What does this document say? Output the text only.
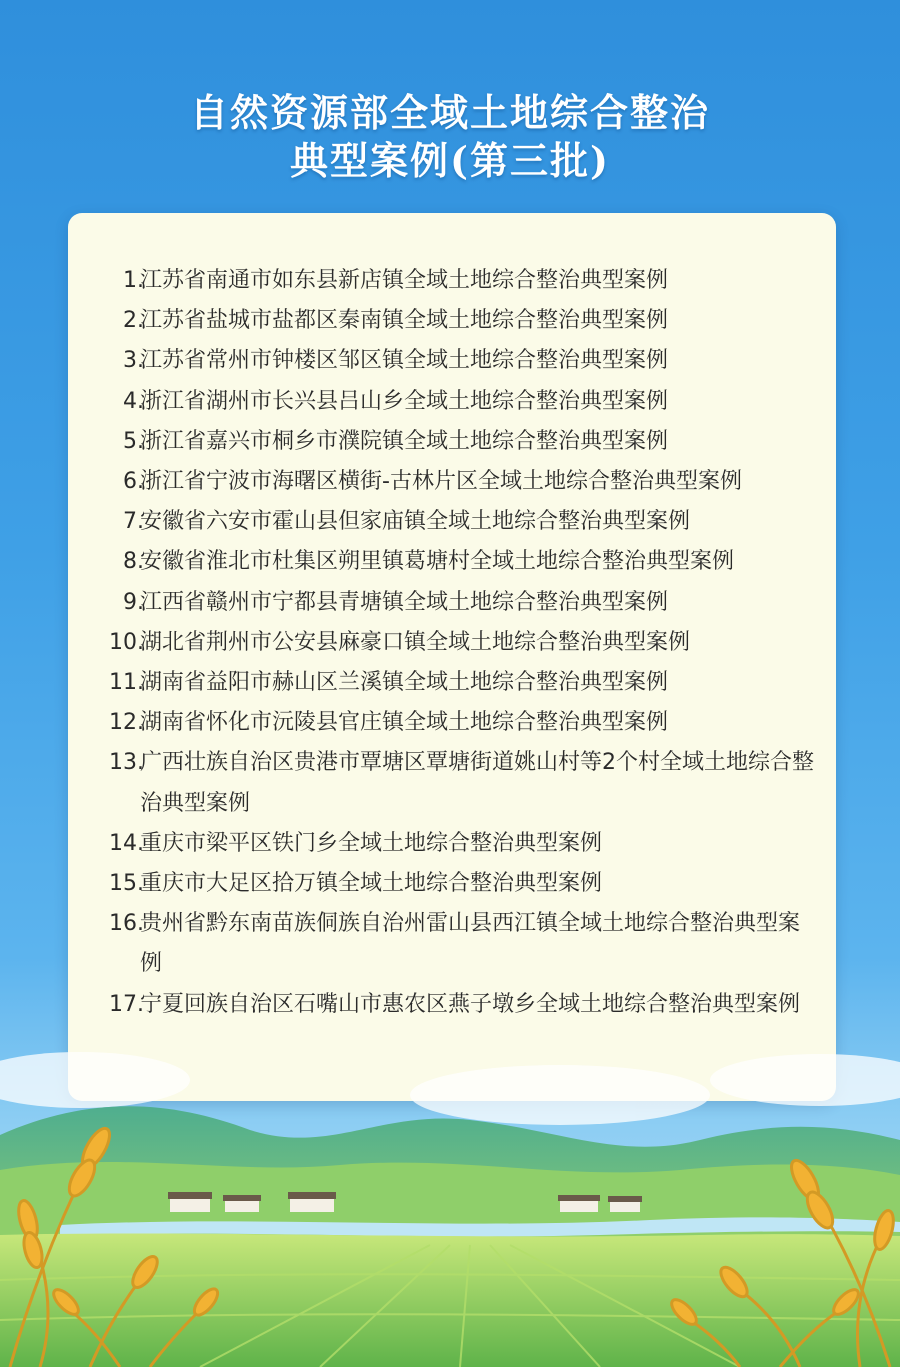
自然资源部全域土地综合整治
典型案例(第三批)
1.
江苏省南通市如东县新店镇全域土地综合整治典型案例
2.
江苏省盐城市盐都区秦南镇全域土地综合整治典型案例
3.
江苏省常州市钟楼区邹区镇全域土地综合整治典型案例
4.
浙江省湖州市长兴县吕山乡全域土地综合整治典型案例
5.
浙江省嘉兴市桐乡市濮院镇全域土地综合整治典型案例
6.
浙江省宁波市海曙区横街-古林片区全域土地综合整治典型案例
7.
安徽省六安市霍山县但家庙镇全域土地综合整治典型案例
8.
安徽省淮北市杜集区朔里镇葛塘村全域土地综合整治典型案例
9.
江西省赣州市宁都县青塘镇全域土地综合整治典型案例
10.
湖北省荆州市公安县麻豪口镇全域土地综合整治典型案例
11.
湖南省益阳市赫山区兰溪镇全域土地综合整治典型案例
12.
湖南省怀化市沅陵县官庄镇全域土地综合整治典型案例
13.
广西壮族自治区贵港市覃塘区覃塘街道姚山村等2个村全域土地综合整治典型案例
14.
重庆市梁平区铁门乡全域土地综合整治典型案例
15.
重庆市大足区拾万镇全域土地综合整治典型案例
16.
贵州省黔东南苗族侗族自治州雷山县西江镇全域土地综合整治典型案例
17.
宁夏回族自治区石嘴山市惠农区燕子墩乡全域土地综合整治典型案例
